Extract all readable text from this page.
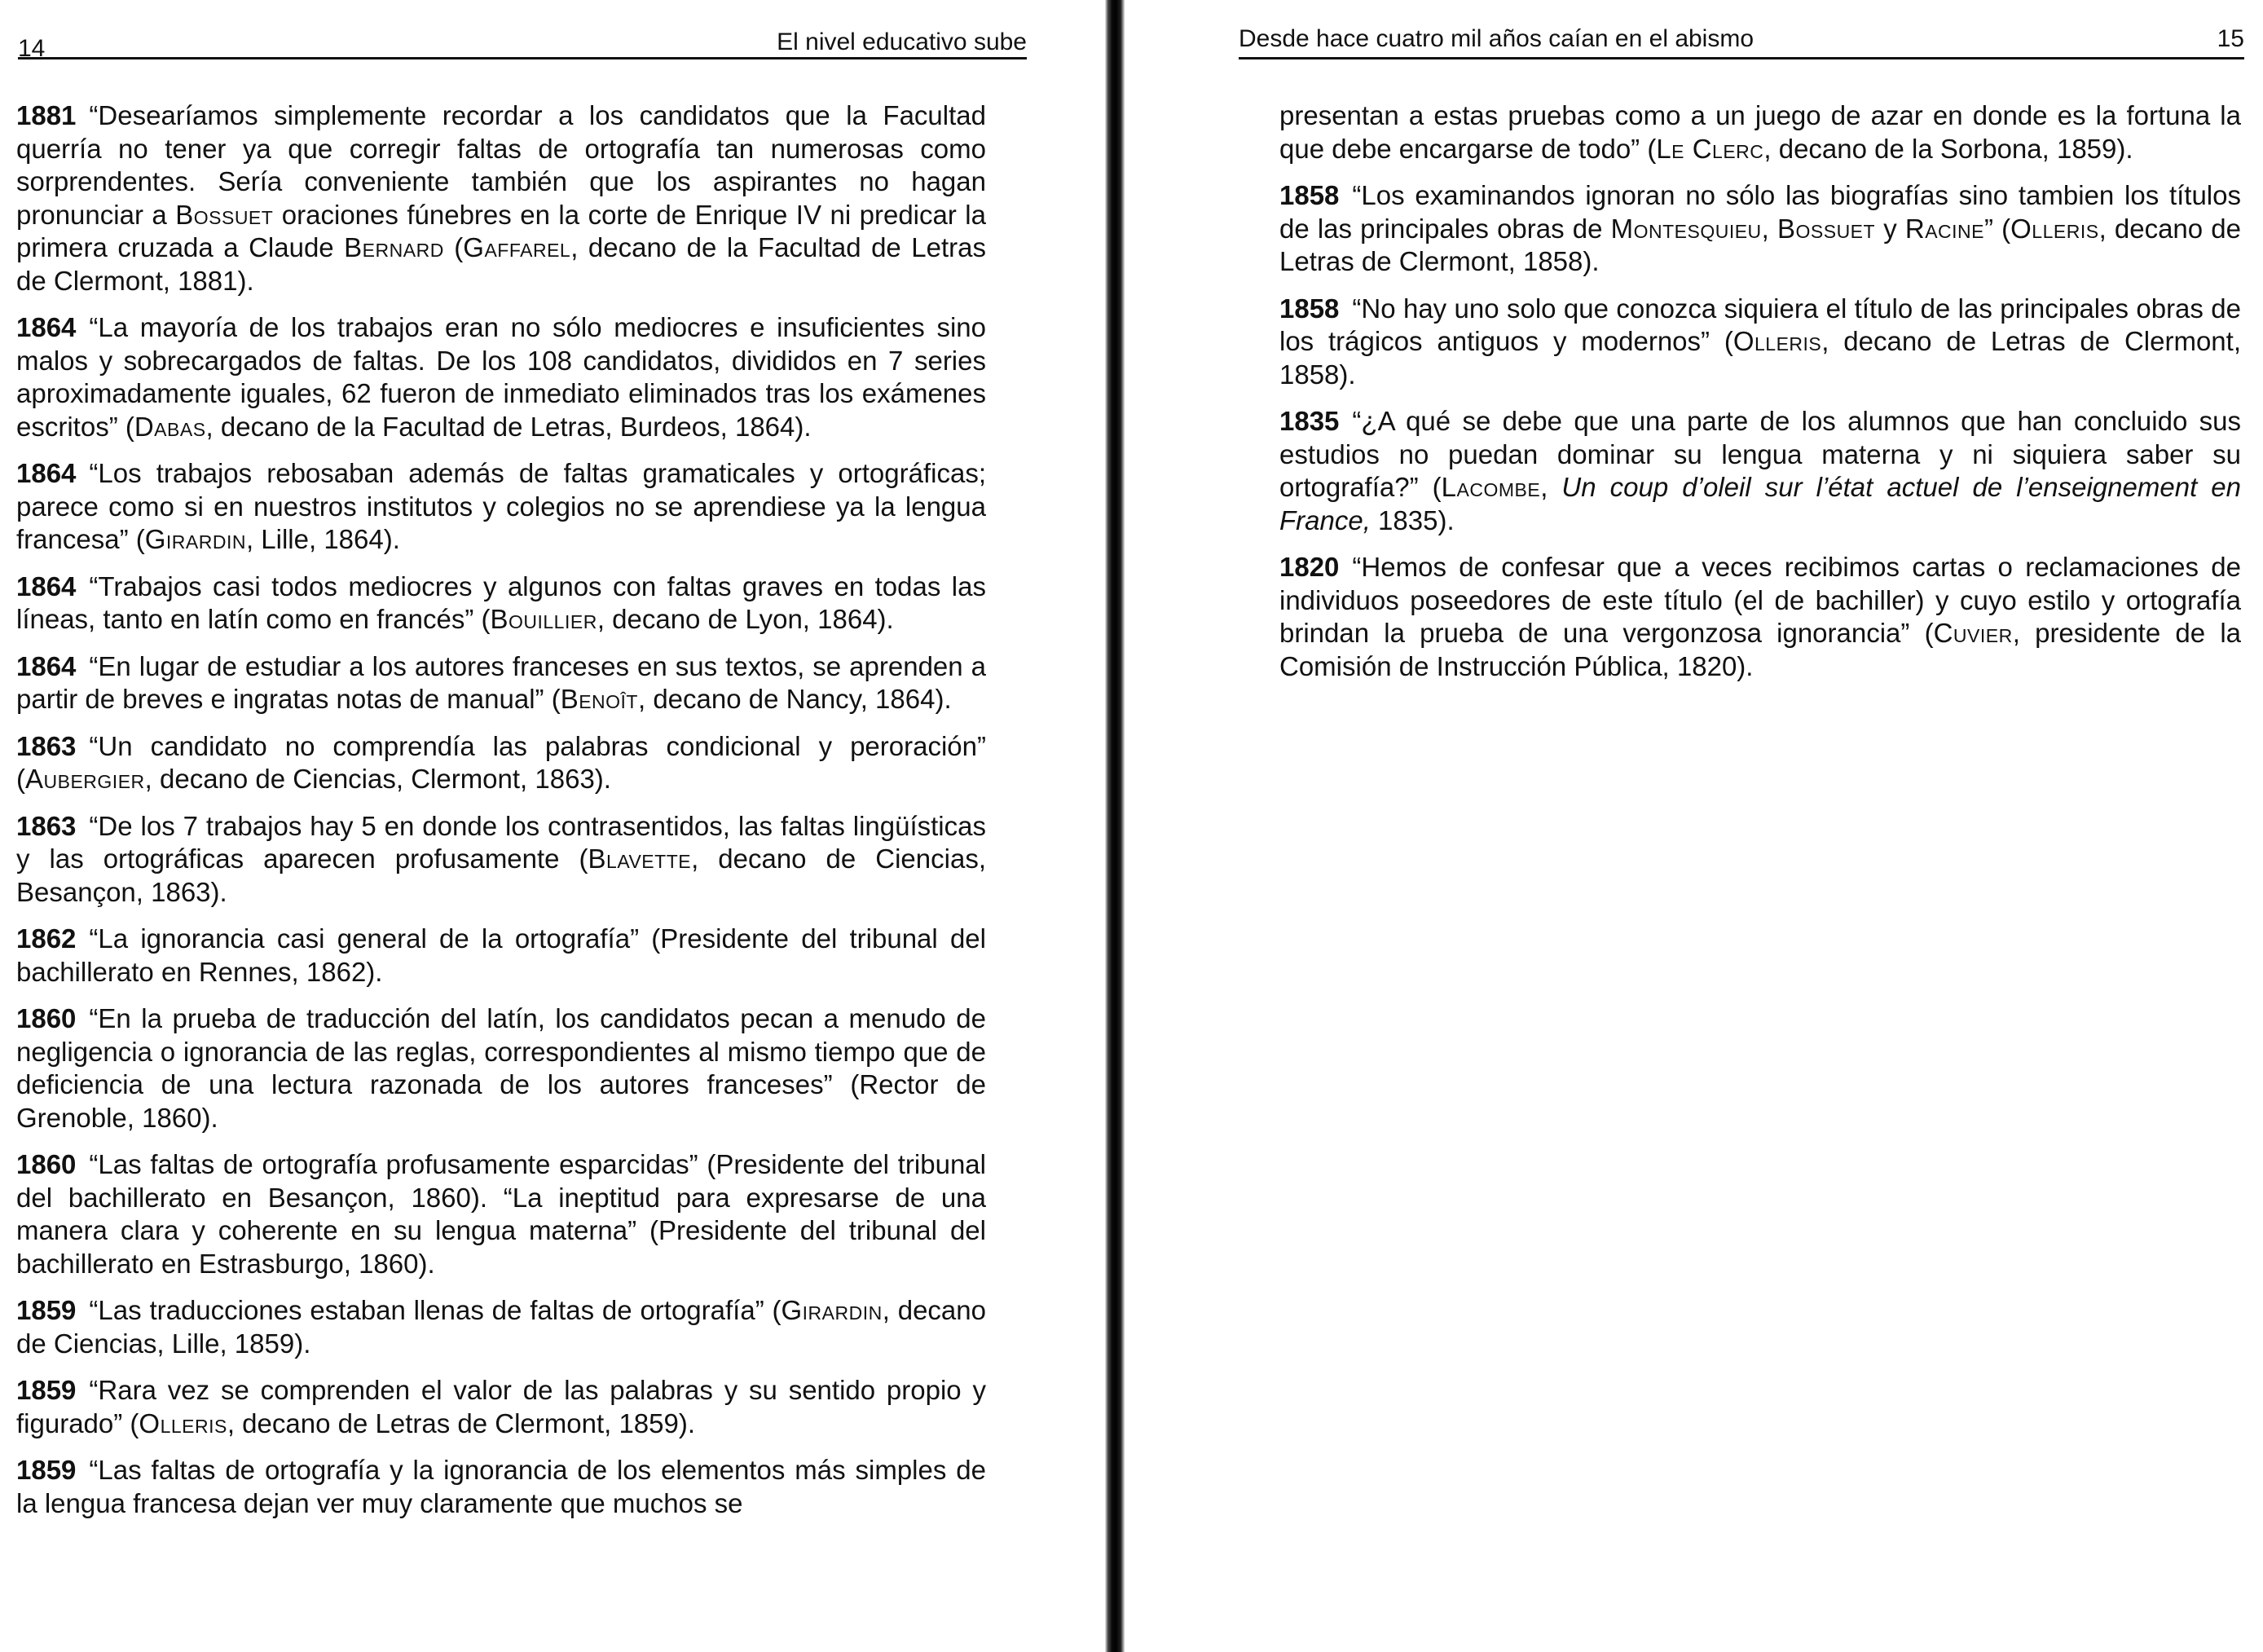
14	El nivel educativo sube

1881 “Desearíamos simplemente recordar a los candidatos que la Facultad querría no tener ya que corregir faltas de ortografía tan numerosas como sorprendentes. Sería conveniente también que los aspirantes no hagan pronunciar a Bossuet oraciones fúnebres en la corte de Enrique IV ni predicar la primera cruzada a Claude Bernard (Gaffarel, decano de la Facultad de Letras de Clermont, 1881).

1864 “La mayoría de los trabajos eran no sólo mediocres e insuficientes sino malos y sobrecargados de faltas. De los 108 candidatos, divididos en 7 series aproximadamente iguales, 62 fueron de inmediato eliminados tras los exámenes escritos” (Dabas, decano de la Facultad de Letras, Burdeos, 1864).

1864 “Los trabajos rebosaban además de faltas gramaticales y ortográficas; parece como si en nuestros institutos y colegios no se aprendiese ya la lengua francesa” (Girardin, Lille, 1864).

1864 “Trabajos casi todos mediocres y algunos con faltas graves en todas las líneas, tanto en latín como en francés” (Bouillier, decano de Lyon, 1864).

1864 “En lugar de estudiar a los autores franceses en sus textos, se aprenden a partir de breves e ingratas notas de manual” (Benoît, decano de Nancy, 1864).

1863 “Un candidato no comprendía las palabras condicional y peroración” (Aubergier, decano de Ciencias, Clermont, 1863).

1863 “De los 7 trabajos hay 5 en donde los contrasentidos, las faltas lingüísticas y las ortográficas aparecen profusamente (Blavette, decano de Ciencias, Besançon, 1863).

1862 “La ignorancia casi general de la ortografía” (Presidente del tribunal del bachillerato en Rennes, 1862).

1860 “En la prueba de traducción del latín, los candidatos pecan a menudo de negligencia o ignorancia de las reglas, correspondientes al mismo tiempo que de deficiencia de una lectura razonada de los autores franceses” (Rector de Grenoble, 1860).

1860 “Las faltas de ortografía profusamente esparcidas” (Presidente del tribunal del bachillerato en Besançon, 1860). “La ineptitud para expresarse de una manera clara y coherente en su lengua materna” (Presidente del tribunal del bachillerato en Estrasburgo, 1860).

1859 “Las traducciones estaban llenas de faltas de ortografía” (Girardin, decano de Ciencias, Lille, 1859).

1859 “Rara vez se comprenden el valor de las palabras y su sentido propio y figurado” (Olleris, decano de Letras de Clermont, 1859).

1859 “Las faltas de ortografía y la ignorancia de los elementos más simples de la lengua francesa dejan ver muy claramente que muchos se

Desde hace cuatro mil años caían en el abismo	15

presentan a estas pruebas como a un juego de azar en donde es la fortuna la que debe encargarse de todo” (Le Clerc, decano de la Sorbona, 1859).

1858 “Los examinandos ignoran no sólo las biografías sino tambien los títulos de las principales obras de Montesquieu, Bossuet y Racine” (Olleris, decano de Letras de Clermont, 1858).

1858 “No hay uno solo que conozca siquiera el título de las principales obras de los trágicos antiguos y modernos” (Olleris, decano de Letras de Clermont, 1858).

1835 “¿A qué se debe que una parte de los alumnos que han concluido sus estudios no puedan dominar su lengua materna y ni siquiera saber su ortografía?” (Lacombe, Un coup d’oleil sur l’état actuel de l’enseignement en France, 1835).

1820 “Hemos de confesar que a veces recibimos cartas o reclamaciones de individuos poseedores de este título (el de bachiller) y cuyo estilo y ortografía brindan la prueba de una vergonzosa ignorancia” (Cuvier, presidente de la Comisión de Instrucción Pública, 1820).
